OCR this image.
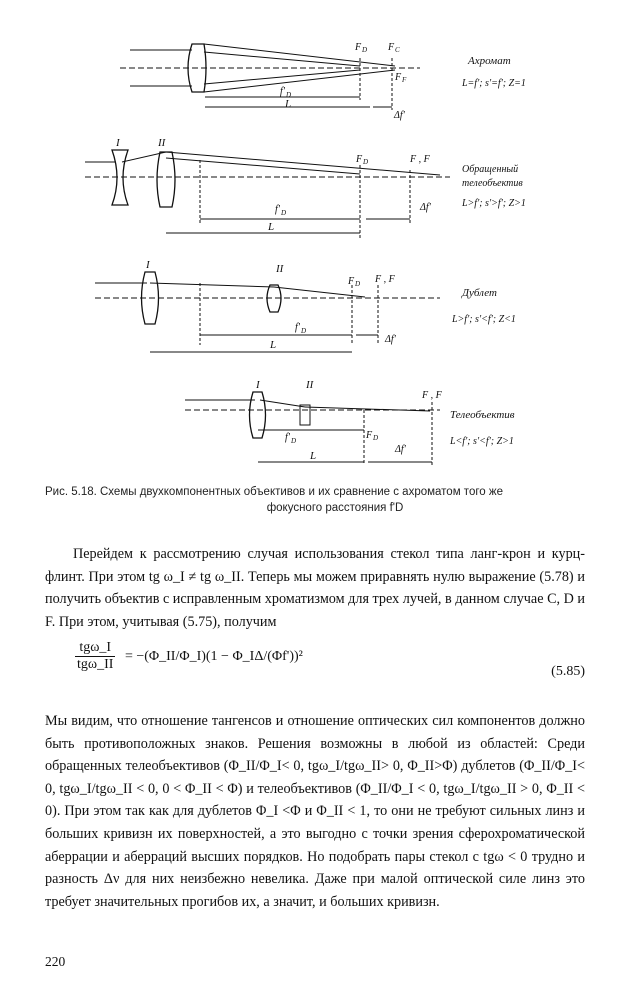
F D F C
F F
f' D
L
Δf'
Ахромат
L=f'; s'=f'; Z=1
I	II
F D	F , F
Δf'
f' D
L
Обращенный
телеобъектив
L>f'; s'>f'; Z>1
I	II
F D F , F
Δf'
f' D
L
Дублет
L>f'; s'<f'; Z<1
I	II
F , F
F D
Δf'
f' D
L
Телеобъектив
L<f'; s'<f'; Z>1
Рис. 5.18. Схемы двухкомпонентных объективов и их сравнение с ахроматом того же
фокусного расстояния f'D
Перейдем к рассмотрению случая использования стекол типа ланг-крон и курц-флинт. При этом tg ω_I ≠ tg ω_II. Теперь мы можем приравнять нулю выражение (5.78) и получить объектив с исправленным хроматизмом для трех лучей, в данном случае C, D и F. При этом, учитывая (5.75), получим
$\frac{\text{tgω\_I}}{\text{tgω\_II}}$ = −(Φ_II/Φ_I)(1 − Φ_IΔ/(Φf'))²
(5.85)
Мы видим, что отношение тангенсов и отношение оптических сил компонентов должно быть противоположных знаков. Решения возможны в любой из областей: Среди обращенных телеобъективов (Φ_II/Φ_I< 0, tgω_I/tgω_II> 0, Φ_II>Φ) дублетов (Φ_II/Φ_I< 0, tgω_I/tgω_II < 0, 0 < Φ_II < Φ) и телеобъективов (Φ_II/Φ_I < 0, tgω_I/tgω_II > 0, Φ_II < 0). При этом так как для дублетов Φ_I <Φ и Φ_II < 1, то они не требуют сильных линз и больших кривизн их поверхностей, а это выгодно с точки зрения сферохроматической аберрации и аберраций высших порядков. Но подобрать пары стекол с tgω < 0 трудно и разность Δν для них неизбежно невелика. Даже при малой оптической силе линз это требует значительных прогибов их, а значит, и больших кривизн.
220
